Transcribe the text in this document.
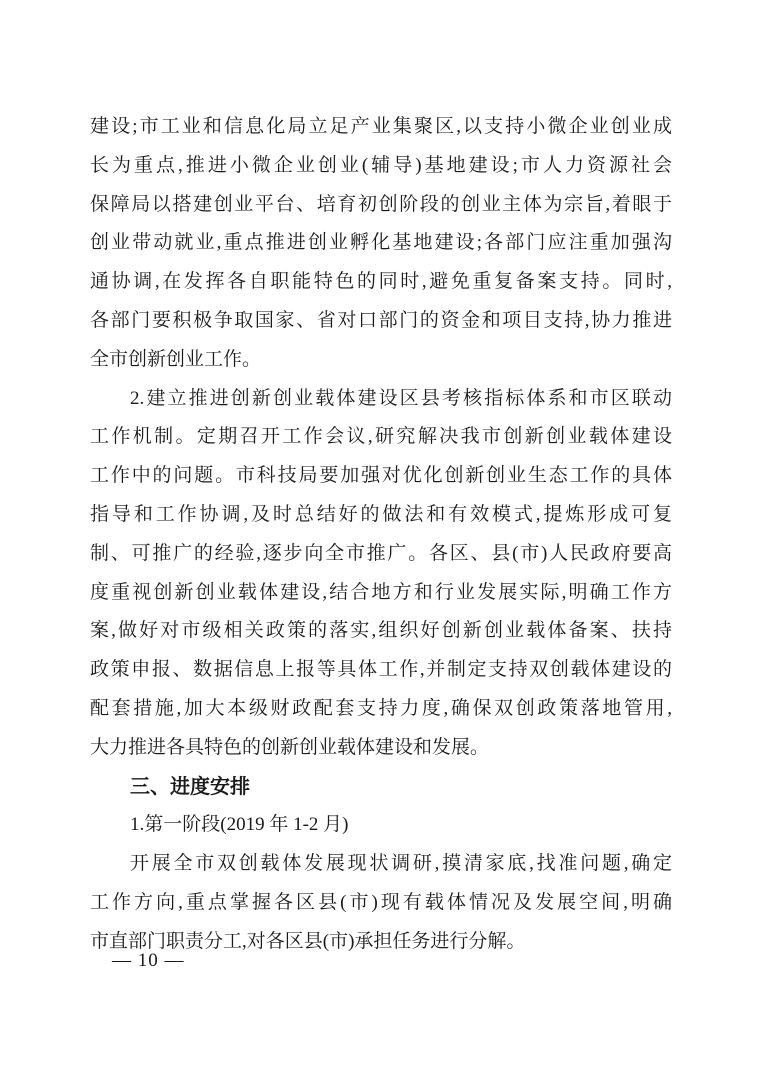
建设;市工业和信息化局立足产业集聚区,以支持小微企业创业成
长为重点,推进小微企业创业(辅导)基地建设;市人力资源社会
保障局以搭建创业平台、培育初创阶段的创业主体为宗旨,着眼于
创业带动就业,重点推进创业孵化基地建设;各部门应注重加强沟
通协调,在发挥各自职能特色的同时,避免重复备案支持。同时,
各部门要积极争取国家、省对口部门的资金和项目支持,协力推进
全市创新创业工作。
2.建立推进创新创业载体建设区县考核指标体系和市区联动
工作机制。定期召开工作会议,研究解决我市创新创业载体建设
工作中的问题。市科技局要加强对优化创新创业生态工作的具体
指导和工作协调,及时总结好的做法和有效模式,提炼形成可复
制、可推广的经验,逐步向全市推广。各区、县(市)人民政府要高
度重视创新创业载体建设,结合地方和行业发展实际,明确工作方
案,做好对市级相关政策的落实,组织好创新创业载体备案、扶持
政策申报、数据信息上报等具体工作,并制定支持双创载体建设的
配套措施,加大本级财政配套支持力度,确保双创政策落地管用,
大力推进各具特色的创新创业载体建设和发展。
三、进度安排
1.第一阶段(2019 年 1-2 月)
开展全市双创载体发展现状调研,摸清家底,找准问题,确定
工作方向,重点掌握各区县(市)现有载体情况及发展空间,明确
市直部门职责分工,对各区县(市)承担任务进行分解。
— 10 —
